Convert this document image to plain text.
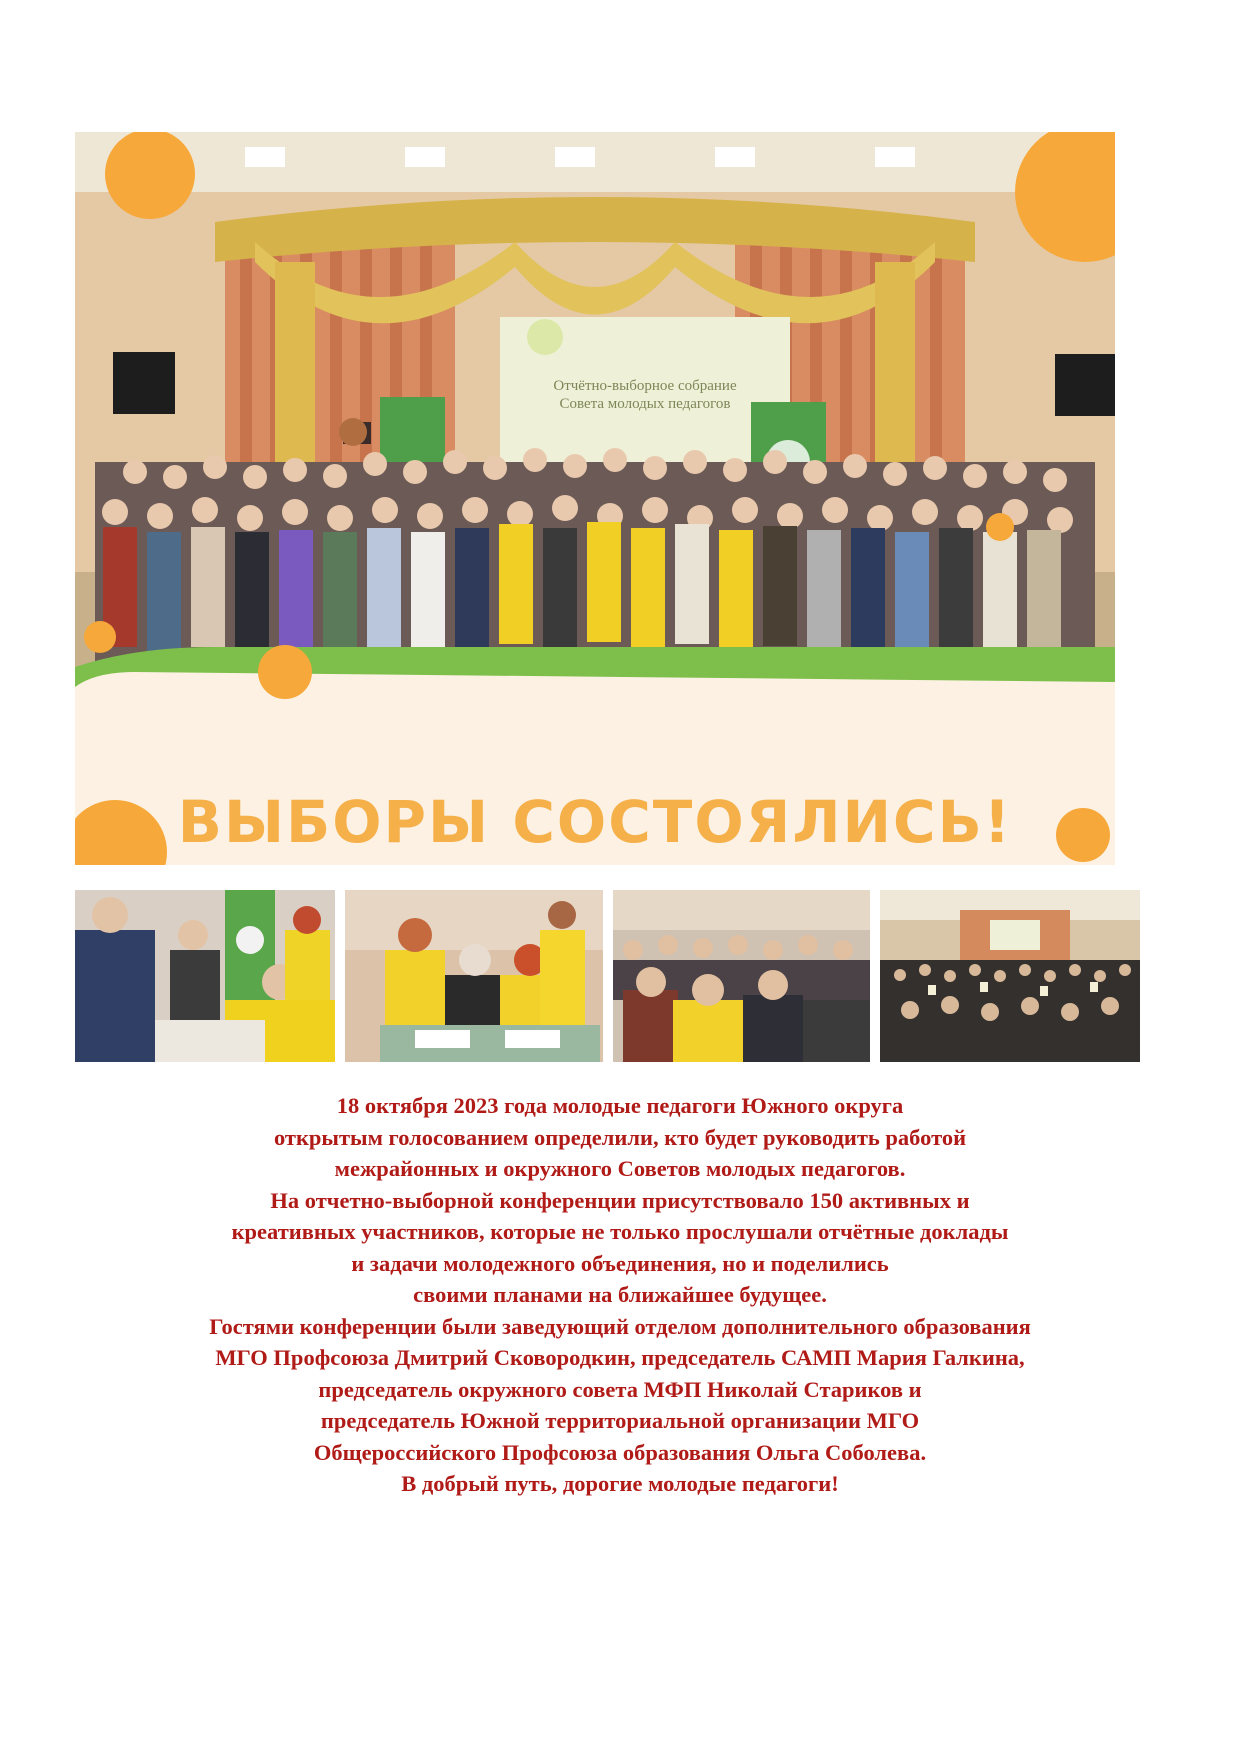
Отчётно-выборное собрание
Совета молодых педагогов
ВЫБОРЫ СОСТОЯЛИСЬ!

18 октября 2023 года молодые педагоги Южного округа

открытым голосованием определили, кто будет руководить работой

межрайонных и окружного Советов молодых педагогов.

На отчетно-выборной конференции присутствовало 150 активных и

креативных участников, которые не только прослушали отчётные доклады

и задачи молодежного объединения, но и поделились

своими планами на ближайшее будущее.

Гостями конференции были заведующий отделом дополнительного образования

МГО Профсоюза Дмитрий Сковородкин, председатель САМП Мария Галкина,

председатель окружного совета МФП Николай Стариков и

председатель Южной территориальной организации МГО

Общероссийского Профсоюза образования Ольга Соболева.

В добрый путь, дорогие молодые педагоги!
